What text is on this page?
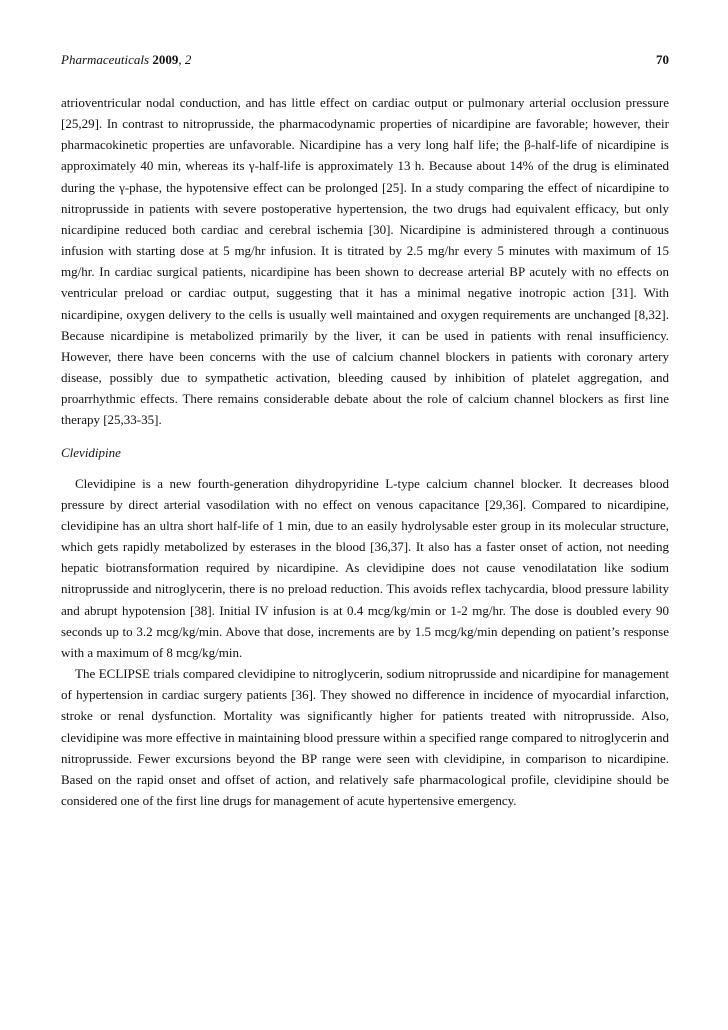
Pharmaceuticals 2009, 2	70

atrioventricular nodal conduction, and has little effect on cardiac output or pulmonary arterial occlusion pressure [25,29]. In contrast to nitroprusside, the pharmacodynamic properties of nicardipine are favorable; however, their pharmacokinetic properties are unfavorable. Nicardipine has a very long half life; the β-half-life of nicardipine is approximately 40 min, whereas its γ-half-life is approximately 13 h. Because about 14% of the drug is eliminated during the γ-phase, the hypotensive effect can be prolonged [25]. In a study comparing the effect of nicardipine to nitroprusside in patients with severe postoperative hypertension, the two drugs had equivalent efficacy, but only nicardipine reduced both cardiac and cerebral ischemia [30]. Nicardipine is administered through a continuous infusion with starting dose at 5 mg/hr infusion. It is titrated by 2.5 mg/hr every 5 minutes with maximum of 15 mg/hr. In cardiac surgical patients, nicardipine has been shown to decrease arterial BP acutely with no effects on ventricular preload or cardiac output, suggesting that it has a minimal negative inotropic action [31]. With nicardipine, oxygen delivery to the cells is usually well maintained and oxygen requirements are unchanged [8,32]. Because nicardipine is metabolized primarily by the liver, it can be used in patients with renal insufficiency. However, there have been concerns with the use of calcium channel blockers in patients with coronary artery disease, possibly due to sympathetic activation, bleeding caused by inhibition of platelet aggregation, and proarrhythmic effects. There remains considerable debate about the role of calcium channel blockers as first line therapy [25,33-35].

Clevidipine

Clevidipine is a new fourth-generation dihydropyridine L-type calcium channel blocker. It decreases blood pressure by direct arterial vasodilation with no effect on venous capacitance [29,36]. Compared to nicardipine, clevidipine has an ultra short half-life of 1 min, due to an easily hydrolysable ester group in its molecular structure, which gets rapidly metabolized by esterases in the blood [36,37]. It also has a faster onset of action, not needing hepatic biotransformation required by nicardipine. As clevidipine does not cause venodilatation like sodium nitroprusside and nitroglycerin, there is no preload reduction. This avoids reflex tachycardia, blood pressure lability and abrupt hypotension [38]. Initial IV infusion is at 0.4 mcg/kg/min or 1-2 mg/hr. The dose is doubled every 90 seconds up to 3.2 mcg/kg/min. Above that dose, increments are by 1.5 mcg/kg/min depending on patient’s response with a maximum of 8 mcg/kg/min.

The ECLIPSE trials compared clevidipine to nitroglycerin, sodium nitroprusside and nicardipine for management of hypertension in cardiac surgery patients [36]. They showed no difference in incidence of myocardial infarction, stroke or renal dysfunction. Mortality was significantly higher for patients treated with nitroprusside. Also, clevidipine was more effective in maintaining blood pressure within a specified range compared to nitroglycerin and nitroprusside. Fewer excursions beyond the BP range were seen with clevidipine, in comparison to nicardipine. Based on the rapid onset and offset of action, and relatively safe pharmacological profile, clevidipine should be considered one of the first line drugs for management of acute hypertensive emergency.
